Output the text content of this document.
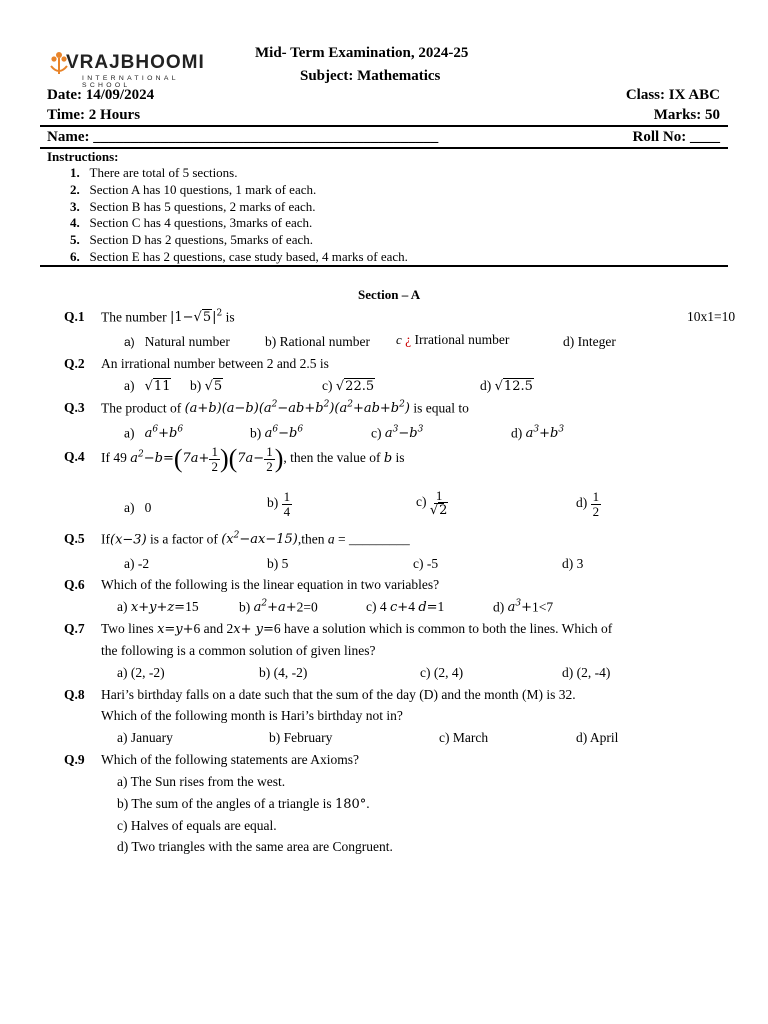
VRAJBHOOMI
INTERNATIONAL SCHOOL
Mid- Term Examination, 2024-25
Subject: Mathematics
Date: 14/09/2024	Class: IX ABC
Time: 2 Hours	Marks: 50
Name: ______________________________________________	Roll No: ____
Instructions:
1. There are total of 5 sections.
2. Section A has 10 questions, 1 mark of each.
3. Section B has 5 questions, 2 marks of each.
4. Section C has 4 questions, 3marks of each.
5. Section D has 2 questions, 5marks of each.
6. Section E has 2 questions, case study based, 4 marks of each.
Section – A
Q.1 The number |1−√ $5|^2$ is	10x1=10
a) Natural number	b) Rational number c ¿ Irrational number	d) Integer
Q.2 An irrational number between 2 and 2.5 is
a)   √ 11 b) √ 5	c) √ 22.5	d) √ 12.5
Q.3 The product of $(a+b)(a-b)(a^2-ab+b^2)(a^2+ab+b^2)$ is equal to
a)   $a^6+b^6$	b) $a^6-b^6$	c) $a^3-b^3$	d) $a^3+b^3$
Q.4 If 49 $a^2-b=(7a+ \frac{1}{2} )(7a- \frac{1}{2}$ ), then the value of b is
a)   0	$b) \frac{1}{4}$	c) 1
√ 2	$d) \frac{1}{2}$
Q.5 If(x−3) is a factor of $(x^2-ax-15),then$ a = _________
a) -2	b) 5	c) -5	d) 3
Q.6 Which of the following is the linear equation in two variables?
a) x+y+z=15	b) $a^2+a+2=0$	c) 4 c+4 d=1	d) $a^3+1<7$
Q.7 Two lines x=y+6 and 2x+ y=6 have a solution which is common to both the lines. Which of
the following is a common solution of given lines?
a) (2, -2)	b) (4, -2)	c) (2, 4)	d) (2, -4)
Q.8 Hari’s birthday falls on a date such that the sum of the day (D) and the month (M) is 32.
Which of the following month is Hari’s birthday not in?
a) January	b) February	c) March	d) April
Q.9 Which of the following statements are Axioms?
a) The Sun rises from the west.
b) The sum of the angles of a triangle is 180°.
c) Halves of equals are equal.
d) Two triangles with the same area are Congruent.
